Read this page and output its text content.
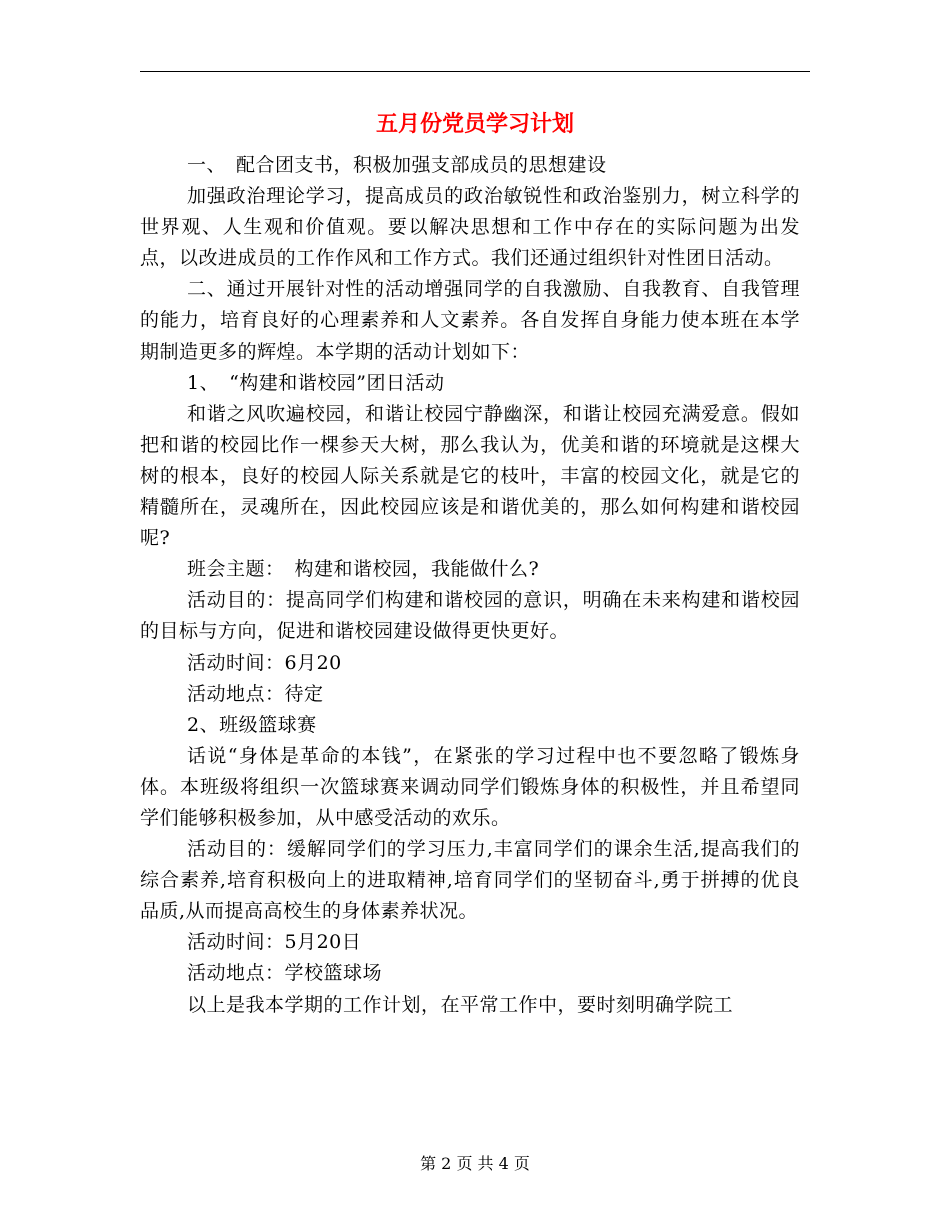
五月份党员学习计划

一、　配合团支书，积极加强支部成员的思想建设

加强政治理论学习，提高成员的政治敏锐性和政治鉴别力，树立科学的世界观、人生观和价值观。要以解决思想和工作中存在的实际问题为出发点，以改进成员的工作作风和工作方式。我们还通过组织针对性团日活动。

二、通过开展针对性的活动增强同学的自我激励、自我教育、自我管理的能力，培育良好的心理素养和人文素养。各自发挥自身能力使本班在本学期制造更多的辉煌。本学期的活动计划如下：

1、　“构建和谐校园”团日活动

和谐之风吹遍校园，和谐让校园宁静幽深，和谐让校园充满爱意。假如把和谐的校园比作一棵参天大树，那么我认为，优美和谐的环境就是这棵大树的根本，良好的校园人际关系就是它的枝叶，丰富的校园文化，就是它的精髓所在，灵魂所在，因此校园应该是和谐优美的，那么如何构建和谐校园呢?

班会主题：　构建和谐校园，我能做什么?

活动目的：提高同学们构建和谐校园的意识，明确在未来构建和谐校园的目标与方向，促进和谐校园建设做得更快更好。

活动时间：6月20

活动地点：待定

2、班级篮球赛

话说“身体是革命的本钱”，在紧张的学习过程中也不要忽略了锻炼身体。本班级将组织一次篮球赛来调动同学们锻炼身体的积极性，并且希望同学们能够积极参加，从中感受活动的欢乐。

活动目的：缓解同学们的学习压力,丰富同学们的课余生活,提高我们的综合素养,培育积极向上的进取精神,培育同学们的坚韧奋斗,勇于拼搏的优良品质,从而提高高校生的身体素养状况。

活动时间：5月20日

活动地点：学校篮球场

以上是我本学期的工作计划，在平常工作中，要时刻明确学院工

第 2 页 共 4 页
